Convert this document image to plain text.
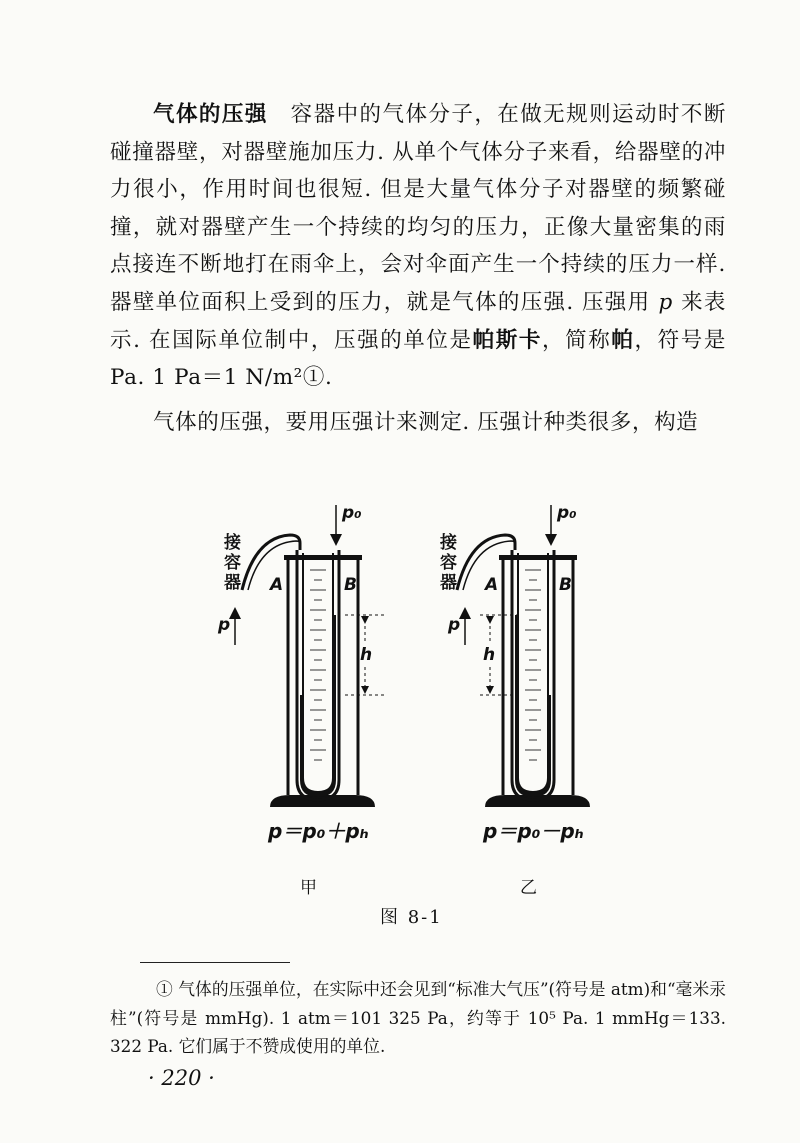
气体的压强 容器中的气体分子，在做无规则运动时不断碰撞器壁，对器壁施加压力. 从单个气体分子来看，给器壁的冲力很小，作用时间也很短. 但是大量气体分子对器壁的频繁碰撞，就对器壁产生一个持续的均匀的压力，正像大量密集的雨点接连不断地打在雨伞上，会对伞面产生一个持续的压力一样. 器壁单位面积上受到的压力，就是气体的压强. 压强用 p 来表示. 在国际单位制中，压强的单位是帕斯卡，简称帕，符号是 Pa. 1 Pa＝1 N/m²①.

气体的压强，要用压强计来测定. 压强计种类很多，构造

接容器
p₀
A	B
p
h
p＝p₀＋pₕ
甲
接容器
p₀
A	B
p
h
p＝p₀－pₕ
乙
图 8-1

① 气体的压强单位，在实际中还会见到“标准大气压”(符号是 atm)和“毫米汞柱”(符号是 mmHg). 1 atm＝101 325 Pa，约等于 10⁵ Pa. 1 mmHg＝133. 322 Pa. 它们属于不赞成使用的单位.

· 220 ·
